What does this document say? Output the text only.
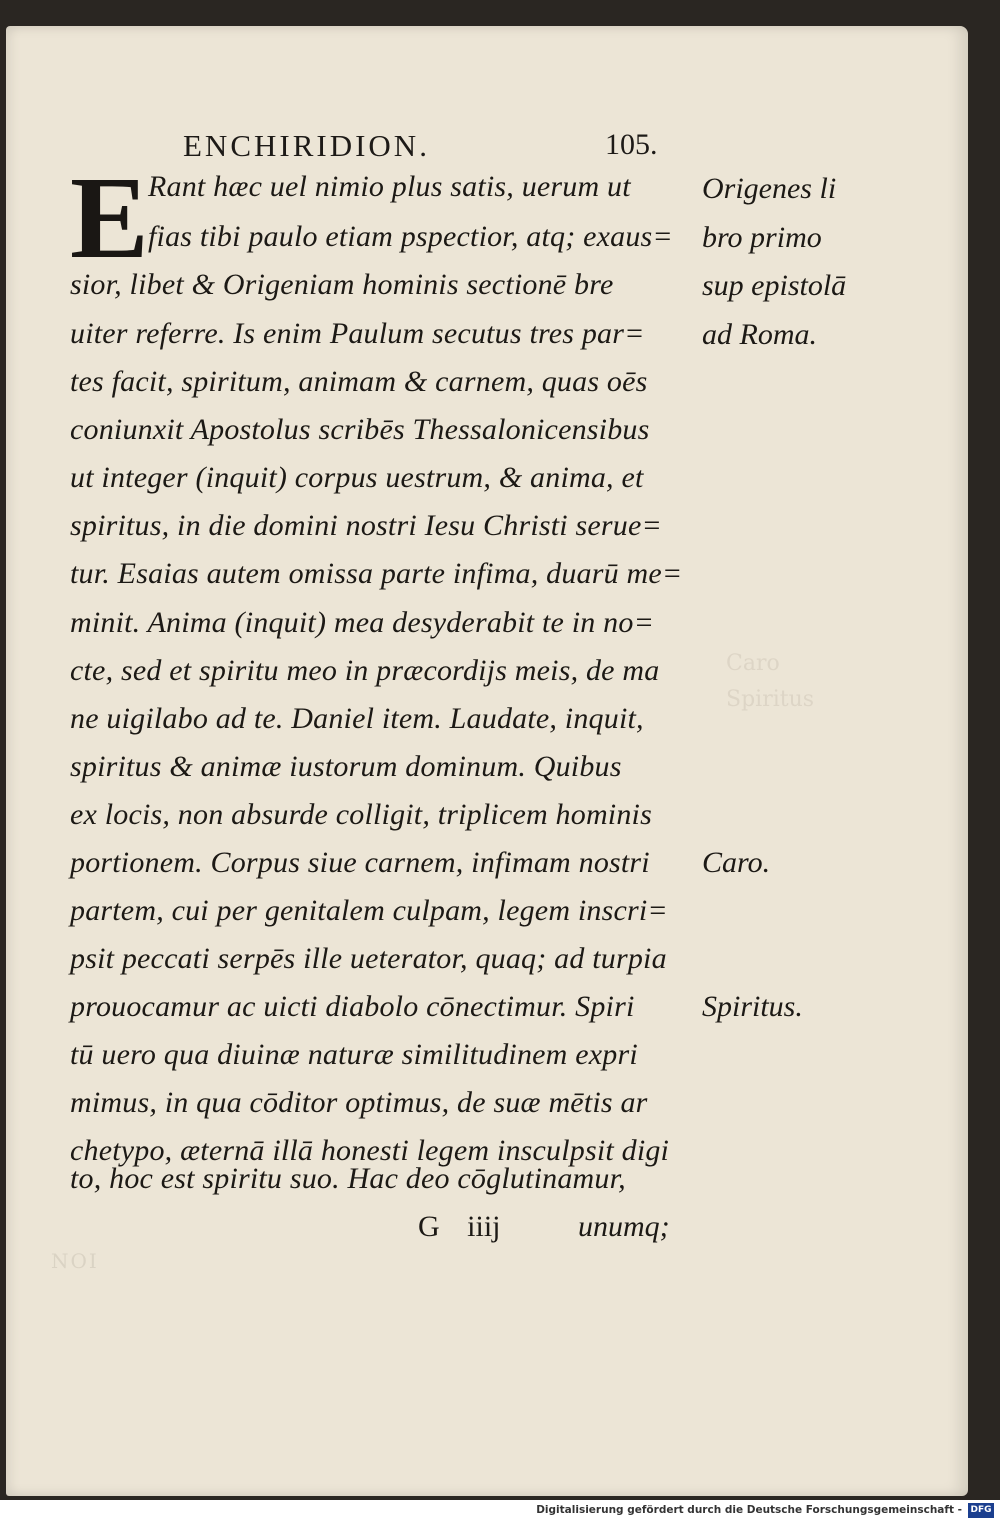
Caro
Spiritus

NOI
ENCHIRIDION.	105.
E Rant hæc uel nimio plus satis, uerum ut
fias tibi paulo etiam pspectior, atq; exaus=
sior, libet & Origeniam hominis sectionē bre
uiter referre. Is enim Paulum secutus tres par=
tes facit, spiritum, animam & carnem, quas oēs
coniunxit Apostolus scribēs Thessalonicensibus
ut integer (inquit) corpus uestrum, & anima, et
spiritus, in die domini nostri Iesu Christi serue=
tur. Esaias autem omissa parte infima, duarū me=
minit. Anima (inquit) mea desyderabit te in no=
cte, sed et spiritu meo in præcordijs meis, de ma
ne uigilabo ad te. Daniel item. Laudate, inquit,
spiritus & animæ iustorum dominum. Quibus
ex locis, non absurde colligit, triplicem hominis
portionem. Corpus siue carnem, infimam nostri
partem, cui per genitalem culpam, legem inscri=
psit peccati serpēs ille ueterator, quaq; ad turpia
prouocamur ac uicti diabolo cōnectimur. Spiri
tū uero qua diuinæ naturæ similitudinem expri
mimus, in qua cōditor optimus, de suæ mētis ar
chetypo, æternā illā honesti legem insculpsit digi
to, hoc est spiritu suo. Hac deo cōglutinamur,
G iiij	unumq;
Origenes li
bro primo
sup epistolā
ad Roma.
Caro.
Spiritus.
Digitalisierung gefördert durch die Deutsche Forschungsgemeinschaft - DFG
